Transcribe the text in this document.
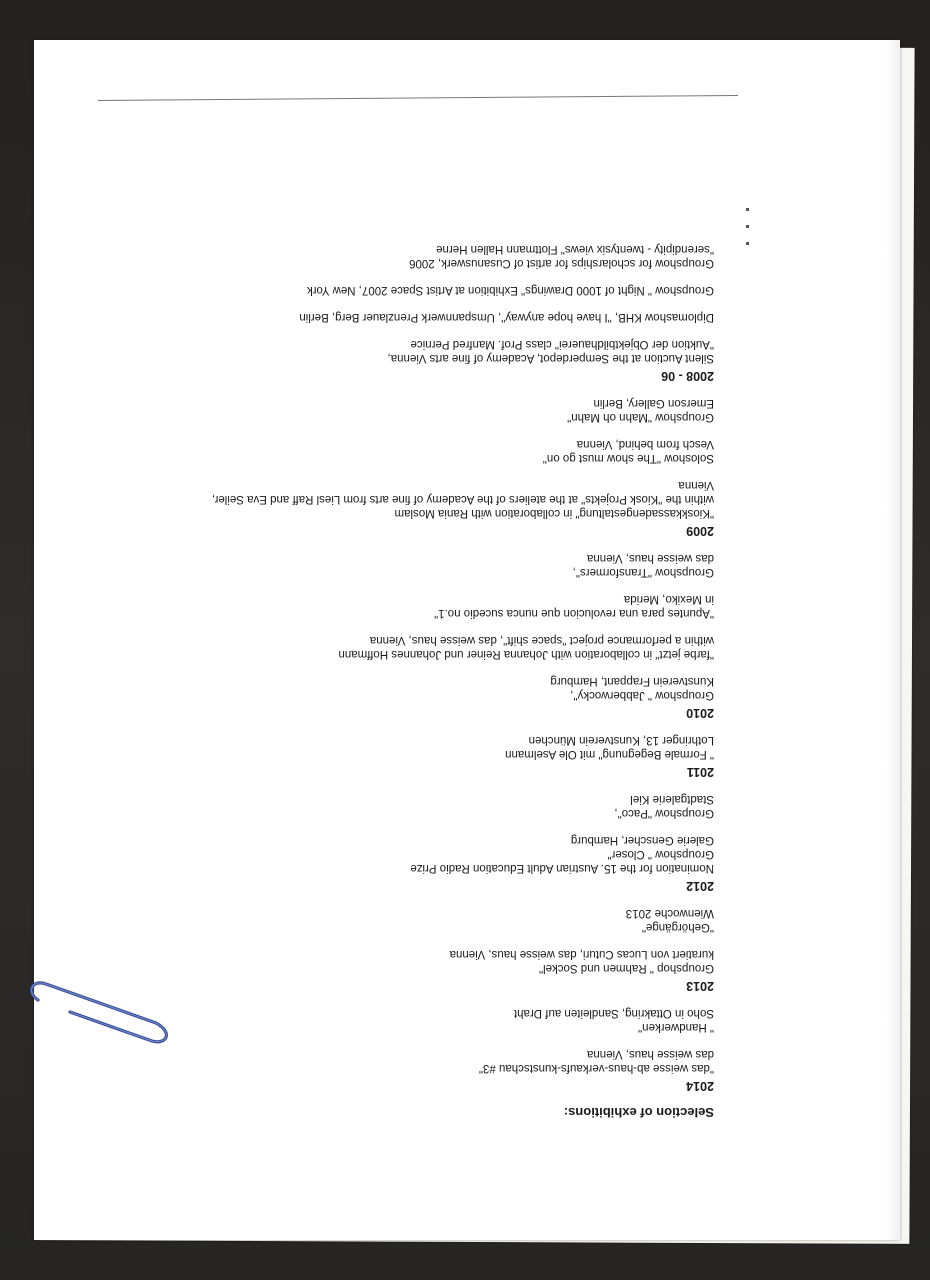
Selection of exhibitions:
2014
"das weisse ab-haus-verkaufs-kunstschau #3"
das weisse haus, Vienna
" Handwerken"
Soho in Ottakring, Sandleiten auf Draht
2013
Groupshop " Rahmen und Sockel"
kuratiert von Lucas Cuturi, das weisse haus, Vienna
"Gehörgänge"
Wienwoche 2013
2012
Nomination for the 15. Austrian Adult Education Radio Prize
Groupshow " Closer"
Galerie Genscher, Hamburg
Groupshow "Paco",
Stadtgalerie Kiel
2011
" Formale Begegnung" mit Ole Aselmann
Lothringer 13, Kunstverein München
2010
Groupshow " Jabberwocky",
Kunstverein Frappant, Hamburg
"farbe jetzt" in collaboration with Johanna Reiner und Johannes Hoffmann
within a performance project "space shift", das weisse haus, Vienna
"Apuntes para una revolucion que nunca sucedio no.1"
in Mexiko, Merida
Groupshow "Transformers",
das weisse haus, Vienna
2009
"Kioskkassadengestaltung" in collaboration with Rania Moslam
within the "Kiosk Projekts" at the ateliers of the Academy of fine arts from Liesl Raff and Eva Seiler,
Vienna
Soloshow "The show must go on"
Vesch from behind, Vienna
Groupshow "Mahn oh Mahn"
Emerson Gallery, Berlin
2008 - 06
Silent Auction at the Semperdepot, Academy of fine arts Vienna,
"Auktion der Objektbildhauerei" class Prof. Manfred Pernice
Diplomashow KHB, "I have hope anyway", Umspannwerk Prenzlauer Berg, Berlin
Groupshow " Night of 1000 Drawings" Exhibition at Artist Space 2007, New York
Groupshow for scholarships for artist of Cusanuswerk, 2006
"serendipity - twentysix views" Flottmann Hallen Herne
